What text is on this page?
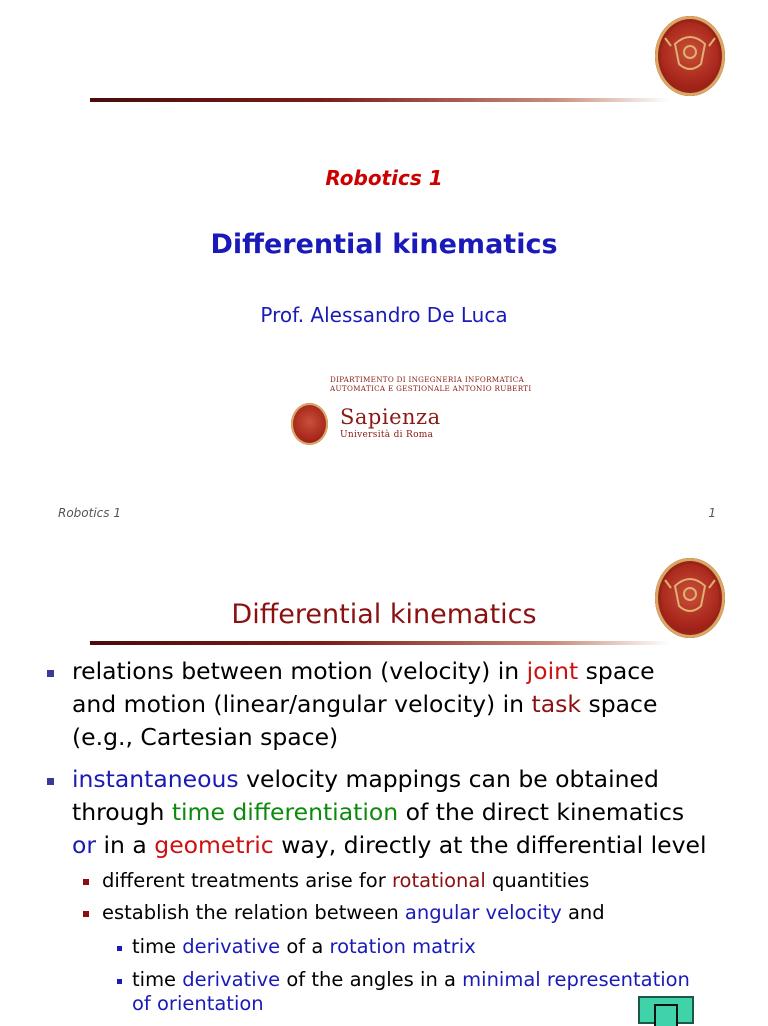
Robotics 1
Differential kinematics
Prof. Alessandro De Luca
DIPARTIMENTO DI INGEGNERIA INFORMATICA
AUTOMATICA E GESTIONALE ANTONIO RUBERTI
Sapienza
Università di Roma
Robotics 1	1
Differential kinematics
relations between motion (velocity) in joint space
and motion (linear/angular velocity) in task space
(e.g., Cartesian space)
instantaneous velocity mappings can be obtained
through time differentiation of the direct kinematics
or in a geometric way, directly at the differential level
different treatments arise for rotational quantities
establish the relation between angular velocity and
time derivative of a rotation matrix
time derivative of the angles in a minimal representation
of orientation
